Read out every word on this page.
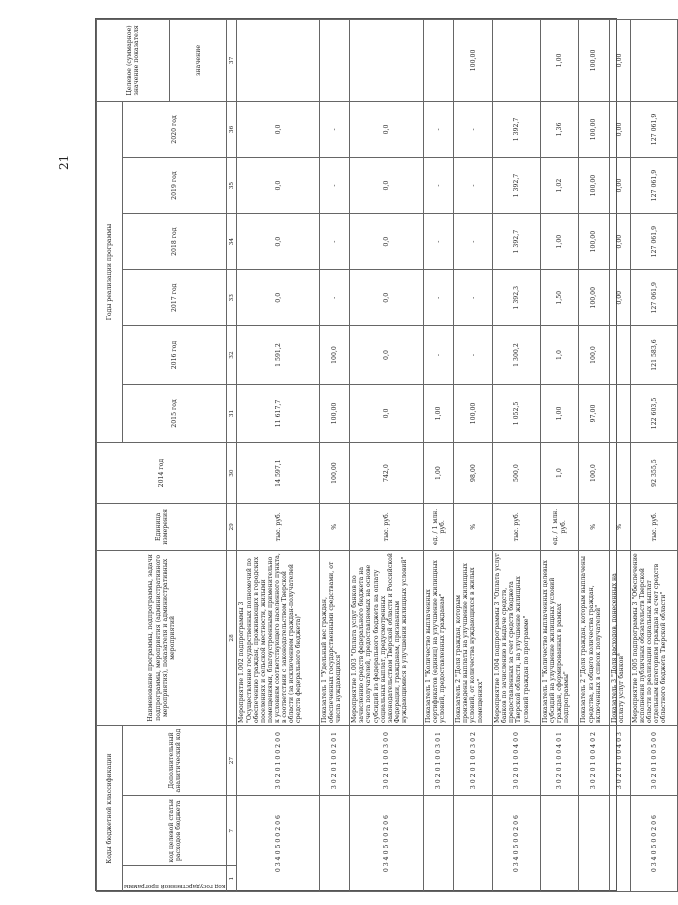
21
Коды бюджетной классификации			Наименование программы, подпрограммы, задачи подпрограммы, мероприятия (административного мероприятия), показателя и административных мероприятий	Единица измерения	2014 год	Годы реализации программы						Целевое (суммарное) значение показателя

код государственной программы	код целевой статьи расходов бюджета	Дополнительный аналитический код				2015 год	2016 год	2017 год	2018 год	2019 год	2020 год	
												значение
1	7	27	28	29	30	31	32	33	34	35	36	37
0 3 4 0 5 0 0 2 0 6		3 0 2 0 1 0 0 2 0 0	Мероприятие 1.002 подпрограммы 3 "Осуществление государственных полномочий по обеспечению граждан, проживающих в городских поселениях и сельской местности, жилыми помещениями, благоустроенными применительно к условиям соответствующего населенного пункта, в соответствии с законодательством Тверской области (за исключением граждан-получателей средств федерального бюджета)"	тыс. руб.	14 597,1	11 617,7	1 591,2	0,0	0,0	0,0	0,0	
		3 0 2 0 1 0 0 2 0 1	Показатель 1 "Удельный вес граждан, обеспеченных государственными средствами, от числа нуждающихся"	%	100,00	100,00	100,0	-	-	-	-	
0 3 4 0 5 0 0 2 0 6		3 0 2 0 1 0 0 3 0 0	Мероприятие 1.003 "Оплата услуг банков по зачислению средств федерального бюджета на счета получателей, предоставляемых на основе субсидий из федерального бюджета на оплату социальных выплат, предусмотренных законодательством Тверской области и Российской Федерации, гражданам, признанным нуждающимися в улучшении жилищных условий"	тыс. руб.	742,0	0,0	0,0	0,0	0,0	0,0	0,0	
		3 0 2 0 1 0 0 3 0 1	Показатель 1 "Количество выплаченных сертификатов (единиц) на улучшение жилищных условий, предоставленных гражданам"	ед. / 1 млн. руб.	1,00	1,00	-	-	-	-	-	
		3 0 2 0 1 0 0 3 0 2	Показатель 2 "Доля граждан, которым произведены выплаты на улучшение жилищных условий, от количества нуждающихся в жилых помещениях"	%	98,00	100,00	-	-	-	-	-	100,00
0 3 4 0 5 0 0 2 0 6		3 0 2 0 1 0 0 4 0 0	Мероприятие 1.004 подпрограммы 3 "Оплата услуг банков по зачислению и выдаче средств, предоставленных за счет средств бюджета Тверской области, на улучшение жилищных условий граждан по программе"	тыс. руб.	500,0	1 052,5	1 300,2	1 392,3	1 392,7	1 392,7	1 392,7	
		3 0 2 0 1 0 0 4 0 1	Показатель 1 "Количество выплаченных целевых субсидий на улучшение жилищных условий граждан, сформированных в рамках подпрограммы"	ед. / 1 млн. руб.	1,0	1,00	1,0	1,50	1,00	1,02	1,36	1,00
		3 0 2 0 1 0 0 4 0 2	Показатель 2 "Доля граждан, которым выплачены средства, из общего количества граждан, включенных в список получателей"	%	100,0	97,00	100,0	100,00	100,00	100,00	100,00	100,00
		3 0 2 0 1 0 0 4 0 3	Показатель 3 "Доля расходов, понесенных на оплату услуг банков"	%				0,00	0,00	0,00	0,00	0,00
0 3 4 0 5 0 0 2 0 6		3 0 2 0 1 0 0 5 0 0	Мероприятие 1.005 подпрограммы 3 "Обеспечение исполнения публичных обязательств Тверской области по реализации социальных выплат отдельным категориям граждан за счет средств областного бюджета Тверской области"	тыс. руб.	92 355,5	122 603,5	121 583,6	127 061,9	127 061,9	127 061,9	127 061,9	
